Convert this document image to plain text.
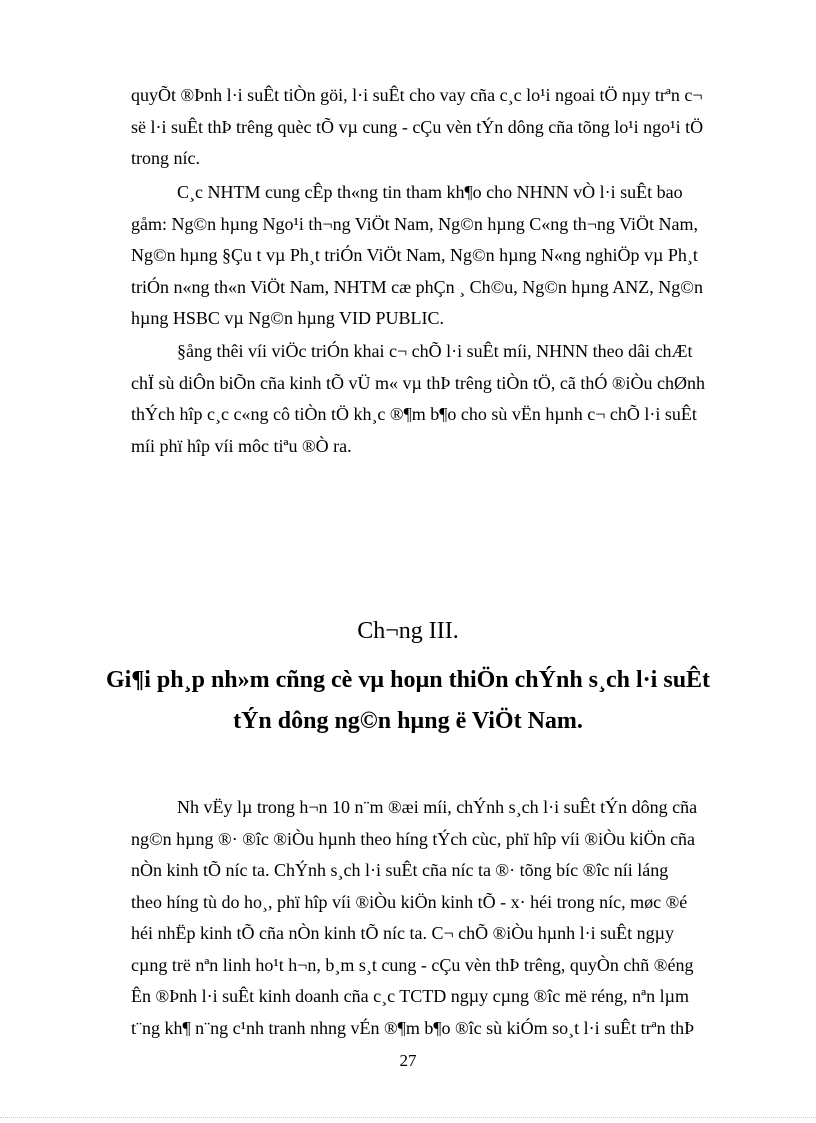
quyÕt ®Þnh l·i suÊt tiÒn göi, l·i suÊt cho vay cña c¸c lo¹i ngoai tÖ nµy trªn c¬
së l·i suÊt thÞ trêng quèc tÕ vµ cung - cÇu vèn tÝn dông cña tõng lo¹i ngo¹i tÖ
trong níc.
C¸c NHTM cung cÊp th«ng tin tham kh¶o cho NHNN vÒ l·i suÊt bao
gåm: Ng©n hµng Ngo¹i th¬ng ViÖt Nam, Ng©n hµng C«ng th¬ng ViÖt Nam,
Ng©n hµng §Çu t vµ Ph¸t triÓn ViÖt Nam, Ng©n hµng N«ng nghiÖp vµ Ph¸t
triÓn n«ng th«n ViÖt Nam, NHTM cæ phÇn ¸ Ch©u, Ng©n hµng ANZ, Ng©n
hµng HSBC vµ Ng©n hµng VID PUBLIC.
§ång thêi víi viÖc triÓn khai c¬ chÕ l·i suÊt míi, NHNN theo dâi chÆt
chÏ sù diÔn biÕn cña kinh tÕ vÜ m« vµ thÞ trêng tiÒn tÖ, cã thÓ ®iÒu chØnh
thÝch hîp c¸c c«ng cô tiÒn tÖ kh¸c ®¶m b¶o cho sù vËn hµnh c¬ chÕ l·i suÊt
míi phï hîp víi môc tiªu ®Ò ra.
Ch¬ng III.
Gi¶i ph¸p nh»m cñng cè vµ hoµn thiÖn chÝnh s¸ch l·i suÊt
tÝn dông ng©n hµng ë ViÖt Nam.
Nh vËy lµ trong h¬n 10 n¨m ®æi míi, chÝnh s¸ch l·i suÊt tÝn dông cña
ng©n hµng ®· ®îc ®iÒu hµnh theo híng tÝch cùc, phï hîp víi ®iÒu kiÖn cña
nÒn kinh tÕ níc ta. ChÝnh s¸ch l·i suÊt cña níc ta ®· tõng bíc ®îc níi láng
theo híng tù do ho¸, phï hîp víi ®iÒu kiÖn kinh tÕ - x· héi trong níc, møc ®é
héi nhËp kinh tÕ cña nÒn kinh tÕ níc ta. C¬ chÕ ®iÒu hµnh l·i suÊt ngµy
cµng trë nªn linh ho¹t h¬n, b¸m s¸t cung - cÇu vèn thÞ trêng, quyÒn chñ ®éng
Ên ®Þnh l·i suÊt kinh doanh cña c¸c TCTD ngµy cµng ®îc më réng, nªn lµm
t¨ng kh¶ n¨ng c¹nh tranh nhng vÉn ®¶m b¶o ®îc sù kiÓm so¸t l·i suÊt trªn thÞ
27
